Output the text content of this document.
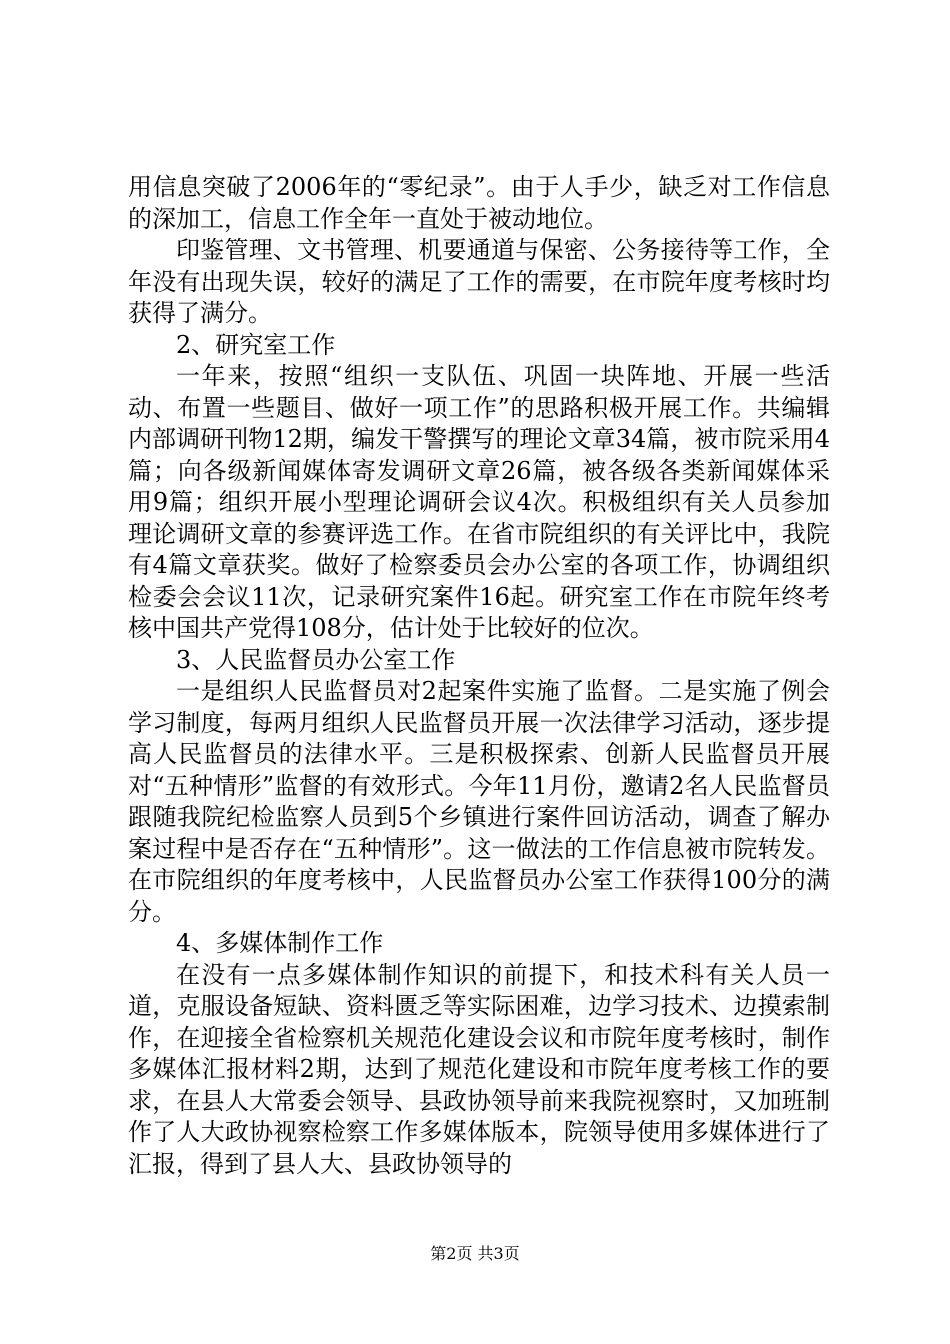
用信息突破了2006年的“零纪录”。由于人手少，缺乏对工作信息的深加工，信息工作全年一直处于被动地位。

印鉴管理、文书管理、机要通道与保密、公务接待等工作，全年没有出现失误，较好的满足了工作的需要，在市院年度考核时均获得了满分。

2、研究室工作

一年来，按照“组织一支队伍、巩固一块阵地、开展一些活动、布置一些题目、做好一项工作”的思路积极开展工作。共编辑内部调研刊物12期，编发干警撰写的理论文章34篇，被市院采用4篇；向各级新闻媒体寄发调研文章26篇，被各级各类新闻媒体采用9篇；组织开展小型理论调研会议4次。积极组织有关人员参加理论调研文章的参赛评选工作。在省市院组织的有关评比中，我院有4篇文章获奖。做好了检察委员会办公室的各项工作，协调组织检委会会议11次，记录研究案件16起。研究室工作在市院年终考核中国共产党得108分，估计处于比较好的位次。

3、人民监督员办公室工作

一是组织人民监督员对2起案件实施了监督。二是实施了例会学习制度，每两月组织人民监督员开展一次法律学习活动，逐步提高人民监督员的法律水平。三是积极探索、创新人民监督员开展对“五种情形”监督的有效形式。今年11月份，邀请2名人民监督员跟随我院纪检监察人员到5个乡镇进行案件回访活动，调查了解办案过程中是否存在“五种情形”。这一做法的工作信息被市院转发。在市院组织的年度考核中，人民监督员办公室工作获得100分的满分。

4、多媒体制作工作

在没有一点多媒体制作知识的前提下，和技术科有关人员一道，克服设备短缺、资料匮乏等实际困难，边学习技术、边摸索制作，在迎接全省检察机关规范化建设会议和市院年度考核时，制作多媒体汇报材料2期，达到了规范化建设和市院年度考核工作的要求，在县人大常委会领导、县政协领导前来我院视察时，又加班制作了人大政协视察检察工作多媒体版本，院领导使用多媒体进行了汇报，得到了县人大、县政协领导的

第2页 共3页
